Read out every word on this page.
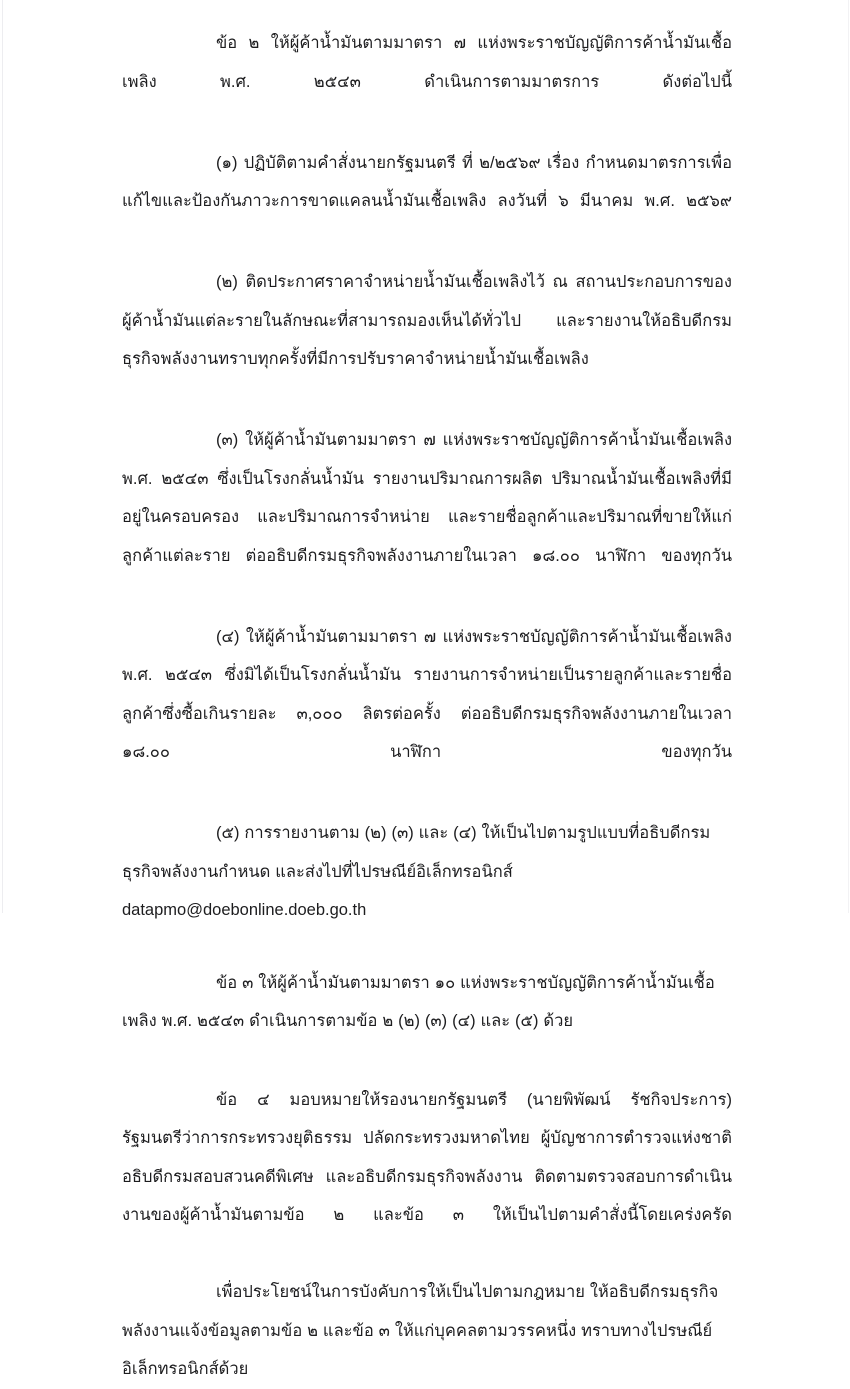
ข้อ ๒ ให้ผู้ค้าน้ำมันตามมาตรา ๗ แห่งพระราชบัญญัติการค้าน้ำมันเชื้อเพลิง พ.ศ. ๒๕๔๓ ดำเนินการตามมาตรการ ดังต่อไปนี้

(๑) ปฏิบัติตามคำสั่งนายกรัฐมนตรี ที่ ๒/๒๕๖๙ เรื่อง กำหนดมาตรการเพื่อแก้ไขและป้องกันภาวะการขาดแคลนน้ำมันเชื้อเพลิง ลงวันที่ ๖ มีนาคม พ.ศ. ๒๕๖๙

(๒) ติดประกาศราคาจำหน่ายน้ำมันเชื้อเพลิงไว้ ณ สถานประกอบการของผู้ค้าน้ำมันแต่ละรายในลักษณะที่สามารถมองเห็นได้ทั่วไป และรายงานให้อธิบดีกรมธุรกิจพลังงานทราบทุกครั้งที่มีการปรับราคาจำหน่ายน้ำมันเชื้อเพลิง

(๓) ให้ผู้ค้าน้ำมันตามมาตรา ๗ แห่งพระราชบัญญัติการค้าน้ำมันเชื้อเพลิง พ.ศ. ๒๕๔๓ ซึ่งเป็นโรงกลั่นน้ำมัน รายงานปริมาณการผลิต ปริมาณน้ำมันเชื้อเพลิงที่มีอยู่ในครอบครอง และปริมาณการจำหน่าย และรายชื่อลูกค้าและปริมาณที่ขายให้แก่ลูกค้าแต่ละราย ต่ออธิบดีกรมธุรกิจพลังงานภายในเวลา ๑๘.๐๐ นาฬิกา ของทุกวัน

(๔) ให้ผู้ค้าน้ำมันตามมาตรา ๗ แห่งพระราชบัญญัติการค้าน้ำมันเชื้อเพลิง พ.ศ. ๒๕๔๓ ซึ่งมิได้เป็นโรงกลั่นน้ำมัน รายงานการจำหน่ายเป็นรายลูกค้าและรายชื่อลูกค้าซึ่งซื้อเกินรายละ ๓,๐๐๐ ลิตรต่อครั้ง ต่ออธิบดีกรมธุรกิจพลังงานภายในเวลา ๑๘.๐๐ นาฬิกา ของทุกวัน

(๕) การรายงานตาม (๒) (๓) และ (๔) ให้เป็นไปตามรูปแบบที่อธิบดีกรมธุรกิจพลังงานกำหนด และส่งไปที่ไปรษณีย์อิเล็กทรอนิกส์ datapmo@doebonline.doeb.go.th

ข้อ ๓ ให้ผู้ค้าน้ำมันตามมาตรา ๑๐ แห่งพระราชบัญญัติการค้าน้ำมันเชื้อเพลิง พ.ศ. ๒๕๔๓ ดำเนินการตามข้อ ๒ (๒) (๓) (๔) และ (๕) ด้วย

ข้อ ๔ มอบหมายให้รองนายกรัฐมนตรี (นายพิพัฒน์ รัชกิจประการ) รัฐมนตรีว่าการกระทรวงยุติธรรม ปลัดกระทรวงมหาดไทย ผู้บัญชาการตำรวจแห่งชาติ อธิบดีกรมสอบสวนคดีพิเศษ และอธิบดีกรมธุรกิจพลังงาน ติดตามตรวจสอบการดำเนินงานของผู้ค้าน้ำมันตามข้อ ๒ และข้อ ๓ ให้เป็นไปตามคำสั่งนี้โดยเคร่งครัด

เพื่อประโยชน์ในการบังคับการให้เป็นไปตามกฎหมาย ให้อธิบดีกรมธุรกิจพลังงานแจ้งข้อมูลตามข้อ ๒ และข้อ ๓ ให้แก่บุคคลตามวรรคหนึ่ง ทราบทางไปรษณีย์อิเล็กทรอนิกส์ด้วย
